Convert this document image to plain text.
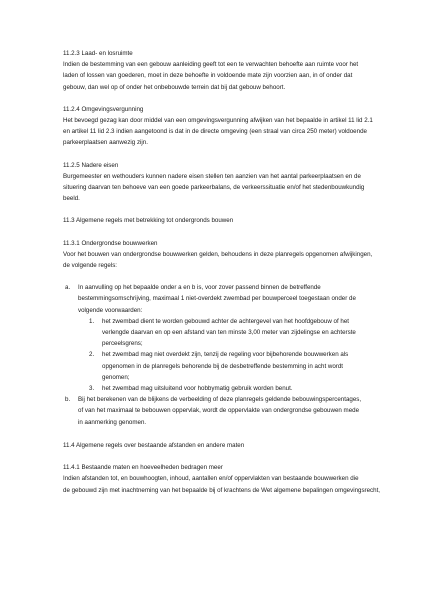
11.2.3 Laad- en losruimte

Indien de bestemming van een gebouw aanleiding geeft tot een te verwachten behoefte aan ruimte voor het

laden of lossen van goederen, moet in deze behoefte in voldoende mate zijn voorzien aan, in of onder dat

gebouw, dan wel op of onder het onbebouwde terrein dat bij dat gebouw behoort.

11.2.4 Omgevingsvergunning

Het bevoegd gezag kan door middel van een omgevingsvergunning afwijken van het bepaalde in artikel 11 lid 2.1

en artikel 11 lid 2.3 indien aangetoond is dat in de directe omgeving (een straal van circa 250 meter) voldoende

parkeerplaatsen aanwezig zijn.

11.2.5 Nadere eisen

Burgemeester en wethouders kunnen nadere eisen stellen ten aanzien van het aantal parkeerplaatsen en de

situering daarvan ten behoeve van een goede parkeerbalans, de verkeerssituatie en/of het stedenbouwkundig

beeld.

11.3 Algemene regels met betrekking tot ondergronds bouwen

11.3.1 Ondergrondse bouwwerken

Voor het bouwen van ondergrondse bouwwerken gelden, behoudens in deze planregels opgenomen afwijkingen,

de volgende regels:

a. In aanvulling op het bepaalde onder a en b is, voor zover passend binnen de betreffende

bestemmingsomschrijving, maximaal 1 niet-overdekt zwembad per bouwperceel toegestaan onder de

volgende voorwaarden:

1. het zwembad dient te worden gebouwd achter de achtergevel van het hoofdgebouw of het

verlengde daarvan en op een afstand van ten minste 3,00 meter van zijdelingse en achterste

perceelsgrens;

2. het zwembad mag niet overdekt zijn, tenzij de regeling voor bijbehorende bouwwerken als

opgenomen in de planregels behorende bij de desbetreffende bestemming in acht wordt

genomen;

3. het zwembad mag uitsluitend voor hobbymatig gebruik worden benut.

b. Bij het berekenen van de blijkens de verbeelding of deze planregels geldende bebouwingspercentages,

of van het maximaal te bebouwen oppervlak, wordt de oppervlakte van ondergrondse gebouwen mede

in aanmerking genomen.

11.4 Algemene regels over bestaande afstanden en andere maten

11.4.1 Bestaande maten en hoeveelheden bedragen meer

Indien afstanden tot, en bouwhoogten, inhoud, aantallen en/of oppervlakten van bestaande bouwwerken die

de gebouwd zijn met inachtneming van het bepaalde bij of krachtens de Wet algemene bepalingen omgevingsrecht,
